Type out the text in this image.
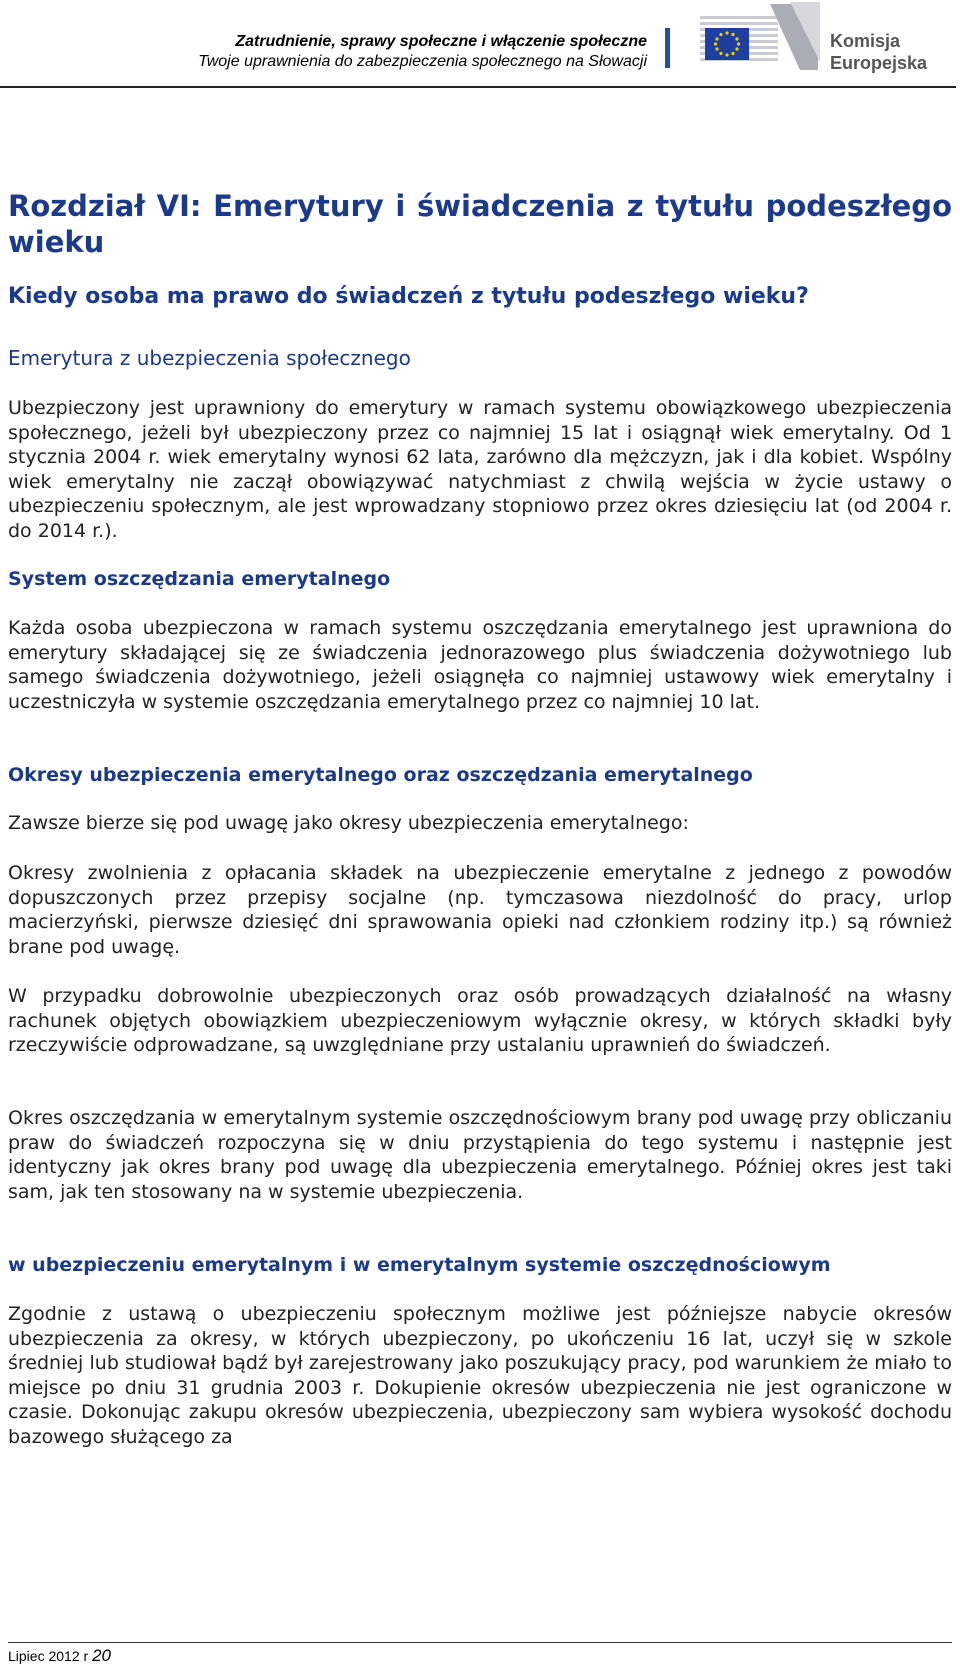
Zatrudnienie, sprawy społeczne i włączenie społeczne
Twoje uprawnienia do zabezpieczenia społecznego na Słowacji
Komisja
Europejska
Rozdział VI: Emerytury i świadczenia z tytułu podeszłego wieku
Kiedy osoba ma prawo do świadczeń z tytułu podeszłego wieku?
Emerytura z ubezpieczenia społecznego
Ubezpieczony jest uprawniony do emerytury w ramach systemu obowiązkowego ubezpieczenia społecznego, jeżeli był ubezpieczony przez co najmniej 15 lat i osiągnął wiek emerytalny. Od 1 stycznia 2004 r. wiek emerytalny wynosi 62 lata, zarówno dla mężczyzn, jak i dla kobiet. Wspólny wiek emerytalny nie zaczął obowiązywać natychmiast z chwilą wejścia w życie ustawy o ubezpieczeniu społecznym, ale jest wprowadzany stopniowo przez okres dziesięciu lat (od 2004 r. do 2014 r.).
System oszczędzania emerytalnego
Każda osoba ubezpieczona w ramach systemu oszczędzania emerytalnego jest uprawniona do emerytury składającej się ze świadczenia jednorazowego plus świadczenia dożywotniego lub samego świadczenia dożywotniego, jeżeli osiągnęła co najmniej ustawowy wiek emerytalny i uczestniczyła w systemie oszczędzania emerytalnego przez co najmniej 10 lat.
Okresy ubezpieczenia emerytalnego oraz oszczędzania emerytalnego
Zawsze bierze się pod uwagę jako okresy ubezpieczenia emerytalnego:
Okresy zwolnienia z opłacania składek na ubezpieczenie emerytalne z jednego z powodów dopuszczonych przez przepisy socjalne (np. tymczasowa niezdolność do pracy, urlop macierzyński, pierwsze dziesięć dni sprawowania opieki nad członkiem rodziny itp.) są również brane pod uwagę.
W przypadku dobrowolnie ubezpieczonych oraz osób prowadzących działalność na własny rachunek objętych obowiązkiem ubezpieczeniowym wyłącznie okresy, w których składki były rzeczywiście odprowadzane, są uwzględniane przy ustalaniu uprawnień do świadczeń.
Okres oszczędzania w emerytalnym systemie oszczędnościowym brany pod uwagę przy obliczaniu praw do świadczeń rozpoczyna się w dniu przystąpienia do tego systemu i następnie jest identyczny jak okres brany pod uwagę dla ubezpieczenia emerytalnego. Później okres jest taki sam, jak ten stosowany na w systemie ubezpieczenia.
w ubezpieczeniu emerytalnym i w emerytalnym systemie oszczędnościowym
Zgodnie z ustawą o ubezpieczeniu społecznym możliwe jest późniejsze nabycie okresów ubezpieczenia za okresy, w których ubezpieczony, po ukończeniu 16 lat, uczył się w szkole średniej lub studiował bądź był zarejestrowany jako poszukujący pracy, pod warunkiem że miało to miejsce po dniu 31 grudnia 2003 r. Dokupienie okresów ubezpieczenia nie jest ograniczone w czasie. Dokonując zakupu okresów ubezpieczenia, ubezpieczony sam wybiera wysokość dochodu bazowego służącego za
Lipiec 2012 r 20
